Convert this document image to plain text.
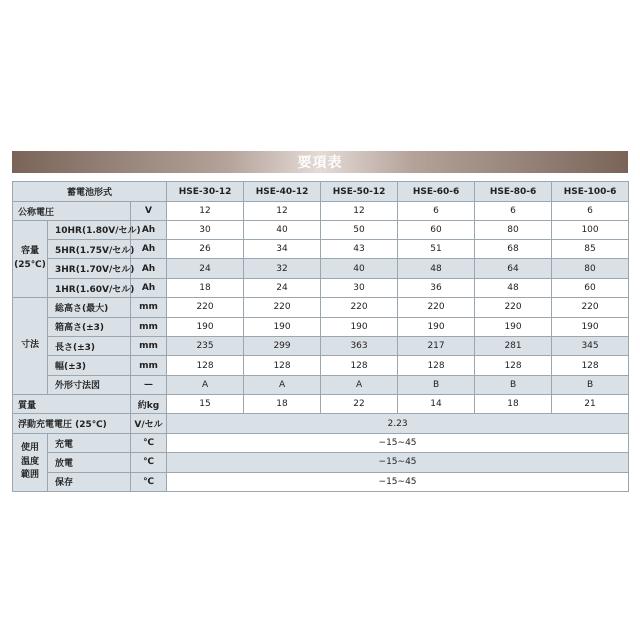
要項表
蓄電池形式			HSE-30-12	HSE-40-12	HSE-50-12	HSE-60-6	HSE-80-6	HSE-100-6
公称電圧		V	12	12	12	6	6	6

容量
(25℃)	10HR(1.80V/セル)	Ah	30	40	50	60	80	100
	5HR(1.75V/セル)	Ah	26	34	43	51	68	85
	3HR(1.70V/セル)	Ah	24	32	40	48	64	80
	1HR(1.60V/セル)	Ah	18	24	30	36	48	60
寸法	総高さ(最大)	mm	220	220	220	220	220	220
	箱高さ(±3)	mm	190	190	190	190	190	190
	長さ(±3)	mm	235	299	363	217	281	345
	幅(±3)	mm	128	128	128	128	128	128
	外形寸法図	—	A	A	A	B	B	B
質量		約kg	15	18	22	14	18	21
浮動充電電圧 (25℃)		V/セル	2.23					

使用
温度
範囲	充電	℃	−15∼45					
	放電	℃	−15∼45					
	保存	℃	−15∼45					
